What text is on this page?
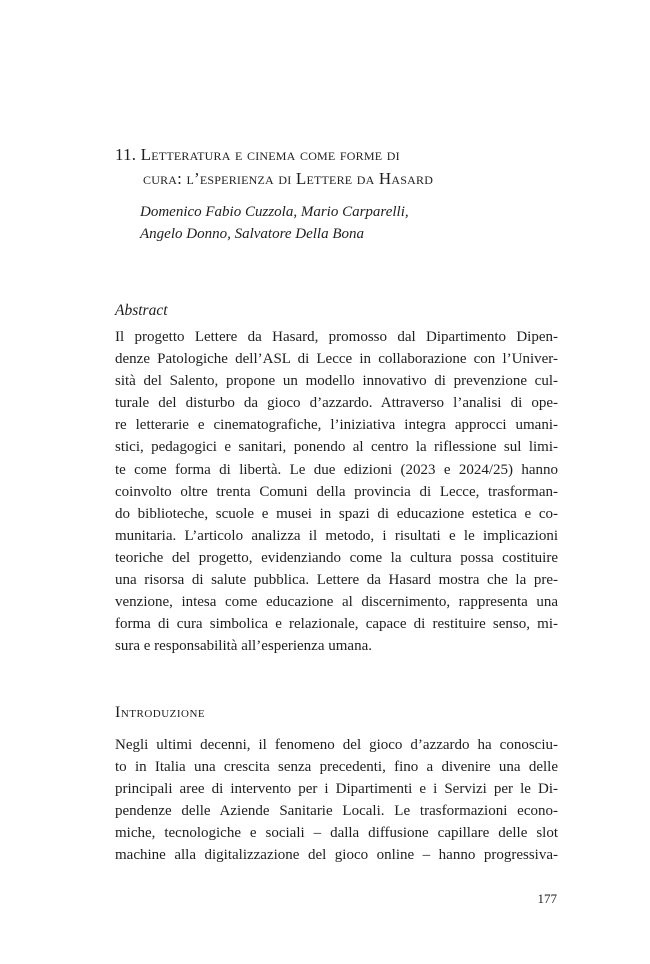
11. Letteratura e cinema come forme di
cura: l’esperienza di Lettere da Hasard
Domenico Fabio Cuzzola, Mario Carparelli,
Angelo Donno, Salvatore Della Bona
Abstract
Il progetto Lettere da Hasard, promosso dal Dipartimento Dipen-
denze Patologiche dell’ASL di Lecce in collaborazione con l’Univer-
sità del Salento, propone un modello innovativo di prevenzione cul-
turale del disturbo da gioco d’azzardo. Attraverso l’analisi di ope-
re letterarie e cinematografiche, l’iniziativa integra approcci umani-
stici, pedagogici e sanitari, ponendo al centro la riflessione sul limi-
te come forma di libertà. Le due edizioni (2023 e 2024/25) hanno
coinvolto oltre trenta Comuni della provincia di Lecce, trasforman-
do biblioteche, scuole e musei in spazi di educazione estetica e co-
munitaria. L’articolo analizza il metodo, i risultati e le implicazioni
teoriche del progetto, evidenziando come la cultura possa costituire
una risorsa di salute pubblica. Lettere da Hasard mostra che la pre-
venzione, intesa come educazione al discernimento, rappresenta una
forma di cura simbolica e relazionale, capace di restituire senso, mi-
sura e responsabilità all’esperienza umana.
Introduzione
Negli ultimi decenni, il fenomeno del gioco d’azzardo ha conosciu-
to in Italia una crescita senza precedenti, fino a divenire una delle
principali aree di intervento per i Dipartimenti e i Servizi per le Di-
pendenze delle Aziende Sanitarie Locali. Le trasformazioni econo-
miche, tecnologiche e sociali – dalla diffusione capillare delle slot
machine alla digitalizzazione del gioco online – hanno progressiva-
177
